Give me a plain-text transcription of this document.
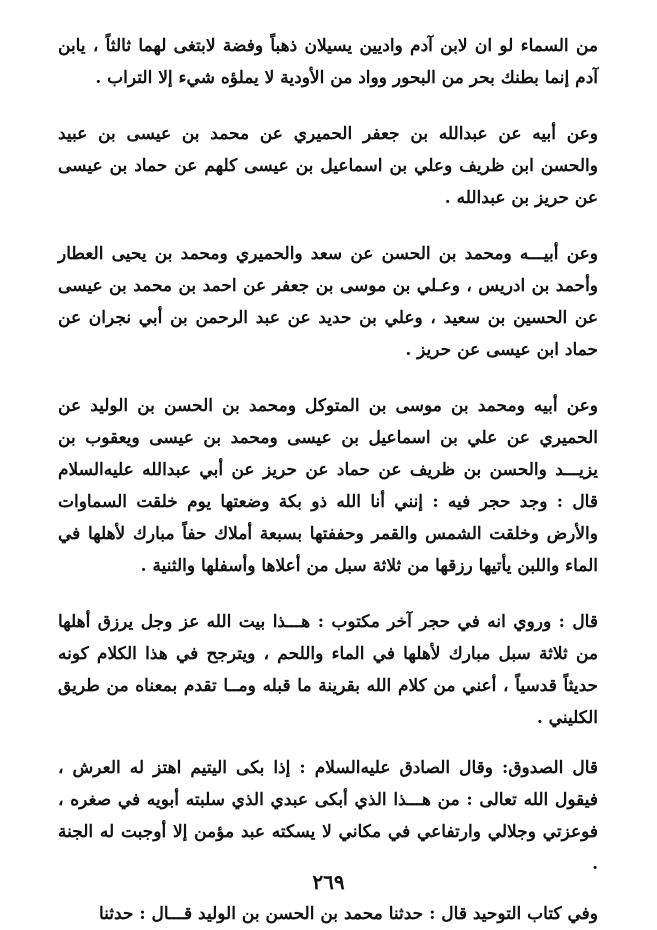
من السماء لو ان لابن آدم واديين يسيلان ذهباً وفضة لابتغى لهما ثالثاً ، يابن آدم إنما بطنك بحر من البحور وواد من الأودية لا يملؤه شيء إلا التراب .

وعن أبيه عن عبدالله بن جعفر الحميري عن محمد بن عيسى بن عبيد والحسن ابن ظريف وعلي بن اسماعيل بن عيسى كلهم عن حماد بن عيسى عن حريز بن عبدالله .

وعن أبيـــه ومحمد بن الحسن عن سعد والحميري ومحمد بن يحيى العطار وأحمد بن ادريس ، وعـلي بن موسى بن جعفر عن احمد بن محمد بن عيسى عن الحسين بن سعيد ، وعلي بن حديد عن عبد الرحمن بن أبي نجران عن حماد ابن عيسى عن حريز .

وعن أبيه ومحمد بن موسى بن المتوكل ومحمد بن الحسن بن الوليد عن الحميري عن علي بن اسماعيل بن عيسى ومحمد بن عيسى ويعقوب بن يزيـــد والحسن بن ظريف عن حماد عن حريز عن أبي عبدالله عليه‌السلام قال : وجد حجر فيه : إنني أنا الله ذو بكة وضعتها يوم خلقت السماوات والأرض وخلقت الشمس والقمر وحففتها بسبعة أملاك حفاً مبارك لأهلها في الماء واللبن يأتيها رزقها من ثلاثة سبل من أعلاها وأسفلها والثنية .

قال : وروي انه في حجر آخر مكتوب : هـــذا بيت الله عز وجل يرزق أهلها من ثلاثة سبل مبارك لأهلها في الماء واللحم ، ويترجح في هذا الكلام كونه حديثاً قدسياً ، أعني من كلام الله بقرينة ما قبله ومــا تقدم بمعناه من طريق الكليني .

قال الصدوق: وقال الصادق عليه‌السلام : إذا بكى اليتيم اهتز له العرش ، فيقول الله تعالى : من هـــذا الذي أبكى عبدي الذي سلبته أبويه في صغره ، فوعزتي وجلالي وارتفاعي في مكاني لا يسكته عبد مؤمن إلا أوجبت له الجنة .

وفي كتاب التوحيد قال : حدثنا محمد بن الحسن بن الوليد قـــال : حدثنا

٢٦٩
